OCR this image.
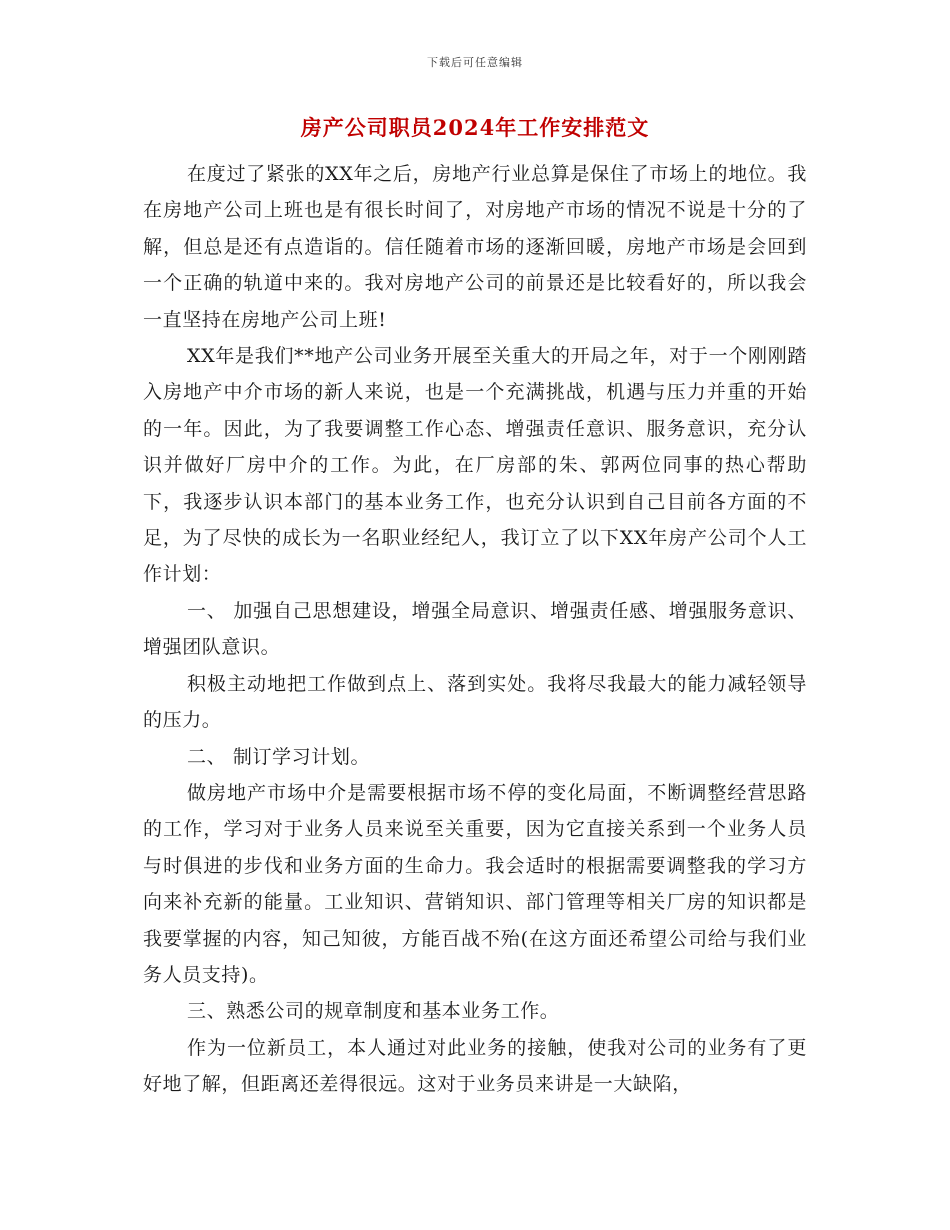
下载后可任意编辑
房产公司职员2024年工作安排范文

在度过了紧张的XX年之后，房地产行业总算是保住了市场上的地位。我在房地产公司上班也是有很长时间了，对房地产市场的情况不说是十分的了解，但总是还有点造诣的。信任随着市场的逐渐回暖，房地产市场是会回到一个正确的轨道中来的。我对房地产公司的前景还是比较看好的，所以我会一直坚持在房地产公司上班!

XX年是我们**地产公司业务开展至关重大的开局之年，对于一个刚刚踏入房地产中介市场的新人来说，也是一个充满挑战，机遇与压力并重的开始的一年。因此，为了我要调整工作心态、增强责任意识、服务意识，充分认识并做好厂房中介的工作。为此，在厂房部的朱、郭两位同事的热心帮助下，我逐步认识本部门的基本业务工作，也充分认识到自己目前各方面的不足，为了尽快的成长为一名职业经纪人，我订立了以下XX年房产公司个人工作计划：

一、 加强自己思想建设，增强全局意识、增强责任感、增强服务意识、增强团队意识。

积极主动地把工作做到点上、落到实处。我将尽我最大的能力减轻领导的压力。

二、 制订学习计划。

做房地产市场中介是需要根据市场不停的变化局面，不断调整经营思路的工作，学习对于业务人员来说至关重要，因为它直接关系到一个业务人员与时俱进的步伐和业务方面的生命力。我会适时的根据需要调整我的学习方向来补充新的能量。工业知识、营销知识、部门管理等相关厂房的知识都是我要掌握的内容，知己知彼，方能百战不殆(在这方面还希望公司给与我们业务人员支持)。

三、熟悉公司的规章制度和基本业务工作。

作为一位新员工，本人通过对此业务的接触，使我对公司的业务有了更好地了解，但距离还差得很远。这对于业务员来讲是一大缺陷，
